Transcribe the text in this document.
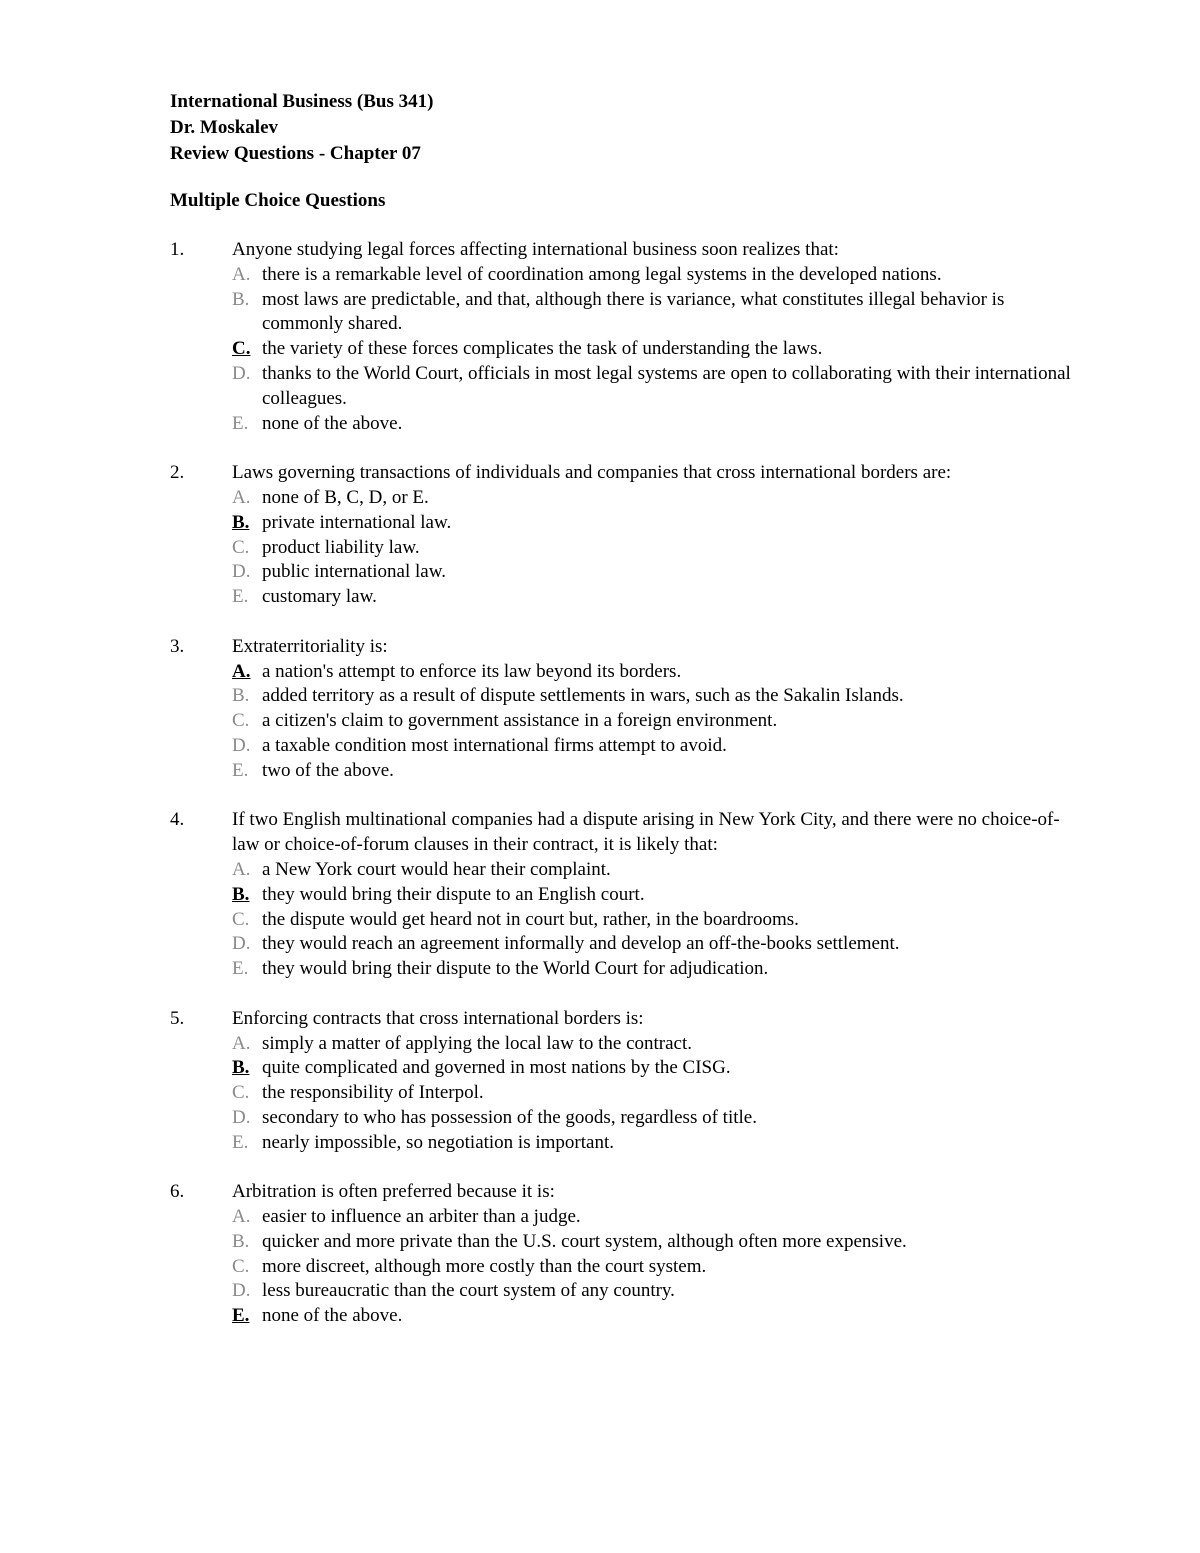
International Business (Bus 341)
Dr. Moskalev
Review Questions - Chapter 07
Multiple Choice Questions
1.	Anyone studying legal forces affecting international business soon realizes that:
A. there is a remarkable level of coordination among legal systems in the developed nations.
B. most laws are predictable, and that, although there is variance, what constitutes illegal behavior is commonly shared.
C. the variety of these forces complicates the task of understanding the laws.
D. thanks to the World Court, officials in most legal systems are open to collaborating with their international colleagues.
E. none of the above.
2.	Laws governing transactions of individuals and companies that cross international borders are:
A. none of B, C, D, or E.
B. private international law.
C. product liability law.
D. public international law.
E. customary law.
3.	Extraterritoriality is:
A. a nation's attempt to enforce its law beyond its borders.
B. added territory as a result of dispute settlements in wars, such as the Sakalin Islands.
C. a citizen's claim to government assistance in a foreign environment.
D. a taxable condition most international firms attempt to avoid.
E. two of the above.
4.	If two English multinational companies had a dispute arising in New York City, and there were no choice-of-law or choice-of-forum clauses in their contract, it is likely that:
A. a New York court would hear their complaint.
B. they would bring their dispute to an English court.
C. the dispute would get heard not in court but, rather, in the boardrooms.
D. they would reach an agreement informally and develop an off-the-books settlement.
E. they would bring their dispute to the World Court for adjudication.
5.	Enforcing contracts that cross international borders is:
A. simply a matter of applying the local law to the contract.
B. quite complicated and governed in most nations by the CISG.
C. the responsibility of Interpol.
D. secondary to who has possession of the goods, regardless of title.
E. nearly impossible, so negotiation is important.
6.	Arbitration is often preferred because it is:
A. easier to influence an arbiter than a judge.
B. quicker and more private than the U.S. court system, although often more expensive.
C. more discreet, although more costly than the court system.
D. less bureaucratic than the court system of any country.
E. none of the above.
